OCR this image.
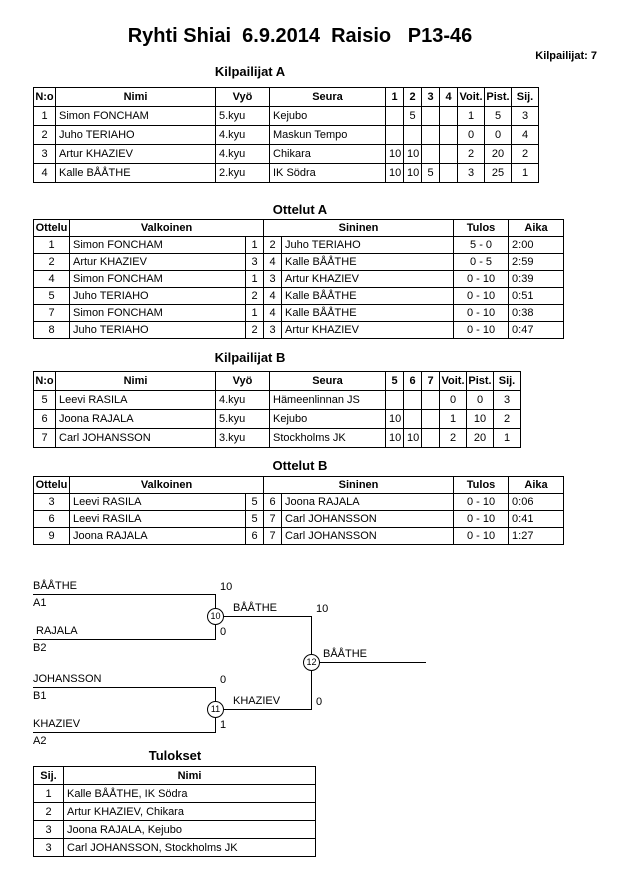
Ryhti Shiai  6.9.2014  Raisio   P13-46
Kilpailijat: 7
Kilpailijat A
N:o	Nimi	Vyö	Seura	1	2	3	4	Voit.	Pist.	Sij.
1	Simon FONCHAM	5.kyu	Kejubo		5			1	5	3
2	Juho TERIAHO	4.kyu	Maskun Tempo					0	0	4
3	Artur KHAZIEV	4.kyu	Chikara	10	10			2	20	2
4	Kalle BÅÅTHE	2.kyu	IK Södra	10	10	5		3	25	1
Ottelut A
Ottelu	Valkoinen		Sininen		Tulos	Aika
1	Simon FONCHAM	1	2	Juho TERIAHO	5 - 0	2:00
2	Artur KHAZIEV	3	4	Kalle BÅÅTHE	0 - 5	2:59
4	Simon FONCHAM	1	3	Artur KHAZIEV	0 - 10	0:39
5	Juho TERIAHO	2	4	Kalle BÅÅTHE	0 - 10	0:51
7	Simon FONCHAM	1	4	Kalle BÅÅTHE	0 - 10	0:38
8	Juho TERIAHO	2	3	Artur KHAZIEV	0 - 10	0:47
Kilpailijat B
N:o	Nimi	Vyö	Seura	5	6	7	Voit.	Pist.	Sij.
5	Leevi RASILA	4.kyu	Hämeenlinnan JS				0	0	3
6	Joona RAJALA	5.kyu	Kejubo	10			1	10	2
7	Carl JOHANSSON	3.kyu	Stockholms JK	10	10		2	20	1
Ottelut B
Ottelu	Valkoinen		Sininen		Tulos	Aika
3	Leevi RASILA	5	6	Joona RAJALA	0 - 10	0:06
6	Leevi RASILA	5	7	Carl JOHANSSON	0 - 10	0:41
9	Joona RAJALA	6	7	Carl JOHANSSON	0 - 10	1:27
BÅÅTHE	10
A1
RAJALA	0
B2
BÅÅTHE	10
10
JOHANSSON	0
B1
KHAZIEV	1
A2
KHAZIEV	0
11
BÅÅTHE
12
Tulokset
Sij.	Nimi
1	Kalle BÅÅTHE, IK Södra
2	Artur KHAZIEV, Chikara
3	Joona RAJALA, Kejubo
3	Carl JOHANSSON, Stockholms JK
